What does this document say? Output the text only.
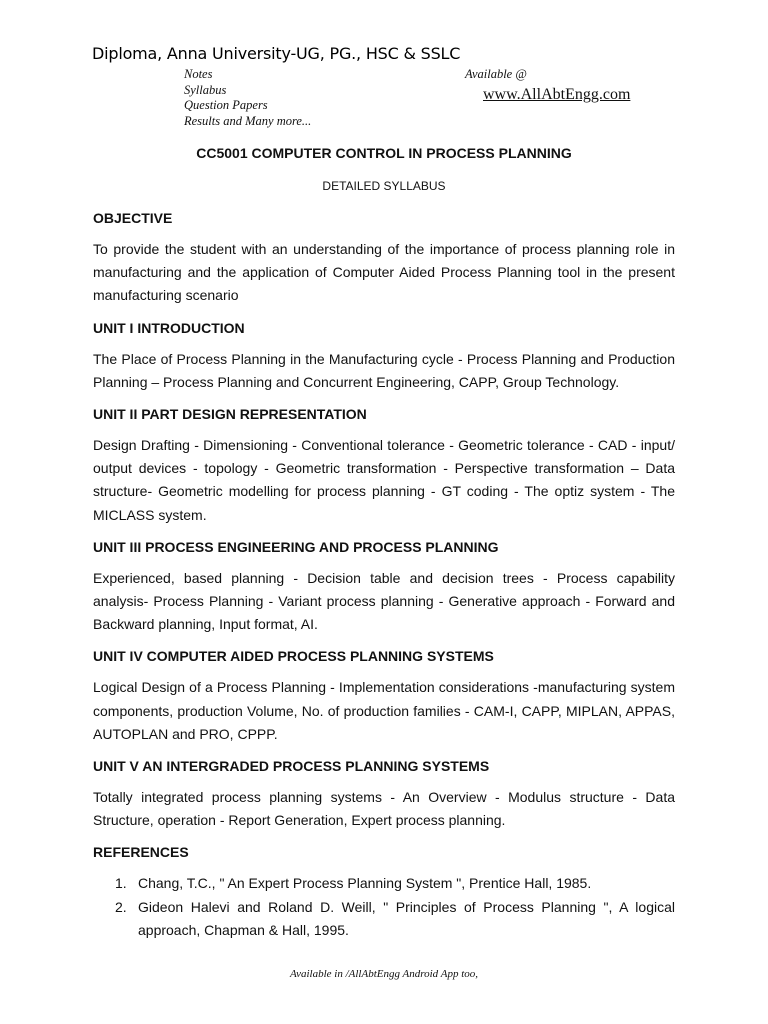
Diploma, Anna University-UG, PG., HSC & SSLC
Notes
Syllabus
Question Papers
Results and Many more...
Available @
www.AllAbtEngg.com
CC5001 COMPUTER CONTROL IN PROCESS PLANNING
DETAILED SYLLABUS
OBJECTIVE
To provide the student with an understanding of the importance of process planning role in manufacturing and the application of Computer Aided Process Planning tool in the present manufacturing scenario
UNIT I INTRODUCTION
The Place of Process Planning in the Manufacturing cycle - Process Planning and Production Planning – Process Planning and Concurrent Engineering, CAPP, Group Technology.
UNIT II PART DESIGN REPRESENTATION
Design Drafting - Dimensioning - Conventional tolerance - Geometric tolerance - CAD - input/ output devices - topology - Geometric transformation - Perspective transformation – Data structure- Geometric modelling for process planning - GT coding - The optiz system - The MICLASS system.
UNIT III PROCESS ENGINEERING AND PROCESS PLANNING
Experienced, based planning - Decision table and decision trees - Process capability analysis- Process Planning - Variant process planning - Generative approach - Forward and Backward planning, Input format, AI.
UNIT IV COMPUTER AIDED PROCESS PLANNING SYSTEMS
Logical Design of a Process Planning - Implementation considerations -manufacturing system components, production Volume, No. of production families - CAM-I, CAPP, MIPLAN, APPAS, AUTOPLAN and PRO, CPPP.
UNIT V AN INTERGRADED PROCESS PLANNING SYSTEMS
Totally integrated process planning systems - An Overview - Modulus structure - Data Structure, operation - Report Generation, Expert process planning.
REFERENCES
1. Chang, T.C., " An Expert Process Planning System ", Prentice Hall, 1985.
2. Gideon Halevi and Roland D. Weill, " Principles of Process Planning ", A logical approach, Chapman & Hall, 1995.
Available in /AllAbtEngg Android App too,
